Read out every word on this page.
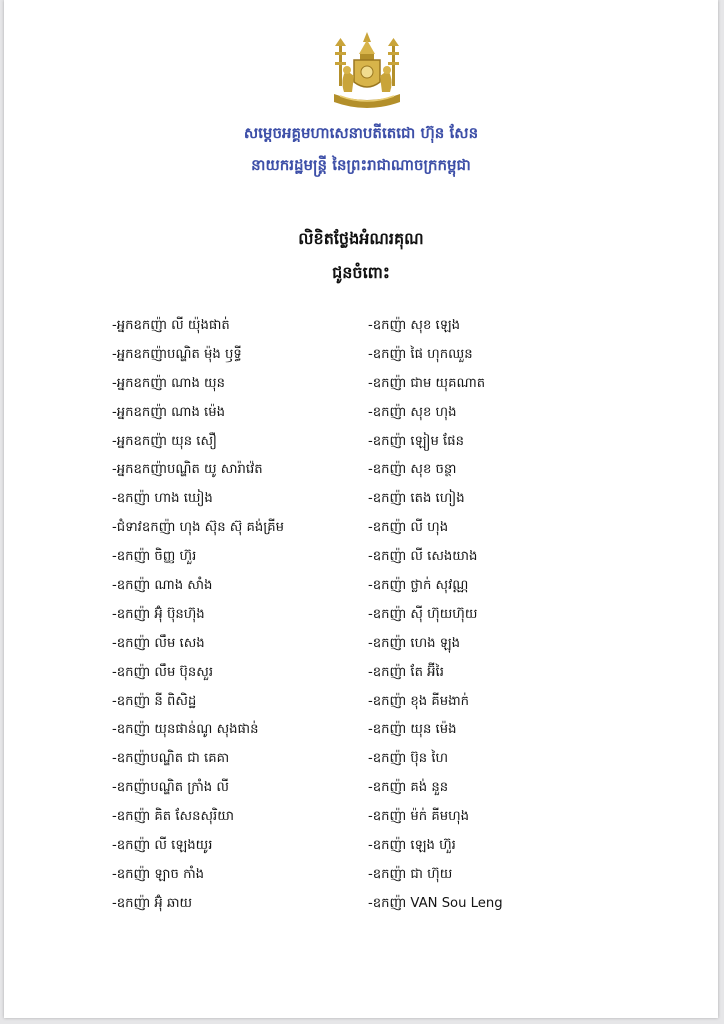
សម្តេចអគ្គមហាសេនាបតីតេជោ ហ៊ុន សែន
នាយករដ្ឋមន្ត្រី នៃព្រះរាជាណាចក្រកម្ពុជា
លិខិតថ្លែងអំណរគុណ
ជូនចំពោះ
-អ្នកឧកញ៉ា លី យ៉ុងផាត់
-អ្នកឧកញ៉ាបណ្ឌិត ម៉ុង ឫទ្ធី
-អ្នកឧកញ៉ា ណាង យុន
-អ្នកឧកញ៉ា ណាង ម៉េង
-អ្នកឧកញ៉ា យុន សឿ
-អ្នកឧកញ៉ាបណ្ឌិត យូ សារ៉ាវ៉េត
-ឧកញ៉ា ហាង ឃៀង
-ជំទាវឧកញ៉ា ហុង ស៊ុន ស៊ុ គង់គ្រីម
-ឧកញ៉ា ចិញ្ញ ហ៊ួរ
-ឧកញ៉ា ណាង សាំង
-ឧកញ៉ា អ៊ុំ ប៊ុនហ៊ុង
-ឧកញ៉ា លឹម សេង
-ឧកញ៉ា លឹម ប៊ុនសួរ
-ឧកញ៉ា នី ពិសិដ្ឋ
-ឧកញ៉ា យុនផាន់ណូ សុងផាន់
-ឧកញ៉ាបណ្ឌិត ជា គេគា
-ឧកញ៉ាបណ្ឌិត ក្រាំង លី
-ឧកញ៉ា គិត សែនសុរិយា
-ឧកញ៉ា លី ឡេងយូរ
-ឧកញ៉ា ឡាច កាំង
-ឧកញ៉ា អ៊ុំ ឆាយ
-ឧកញ៉ា សុខ ឡេង
-ឧកញ៉ា ផៃ ហុកឈួន
-ឧកញ៉ា ជាម យុគណាត
-ឧកញ៉ា សុខ ហុង
-ឧកញ៉ា ឡៀម ផែន
-ឧកញ៉ា សុខ ចន្ថា
-ឧកញ៉ា តេង ហៀង
-ឧកញ៉ា លី ហុង
-ឧកញ៉ា លី សេងយាង
-ឧកញ៉ា ថ្លាក់ សុវណ្ណ
-ឧកញ៉ា ស៊ី ហ៊ុយហ៊ុយ
-ឧកញ៉ា ហេង ឡុង
-ឧកញ៉ា តែ អ៊ីរៃ
-ឧកញ៉ា ខុង គីមងាក់
-ឧកញ៉ា យុន ម៉េង
-ឧកញ៉ា ប៊ុន ហៃ
-ឧកញ៉ា គង់ នួន
-ឧកញ៉ា ម៉ក់ គីមហុង
-ឧកញ៉ា ឡេង ហ៊ួរ
-ឧកញ៉ា ជា ហ៊ុយ
-ឧកញ៉ា VAN Sou Leng
